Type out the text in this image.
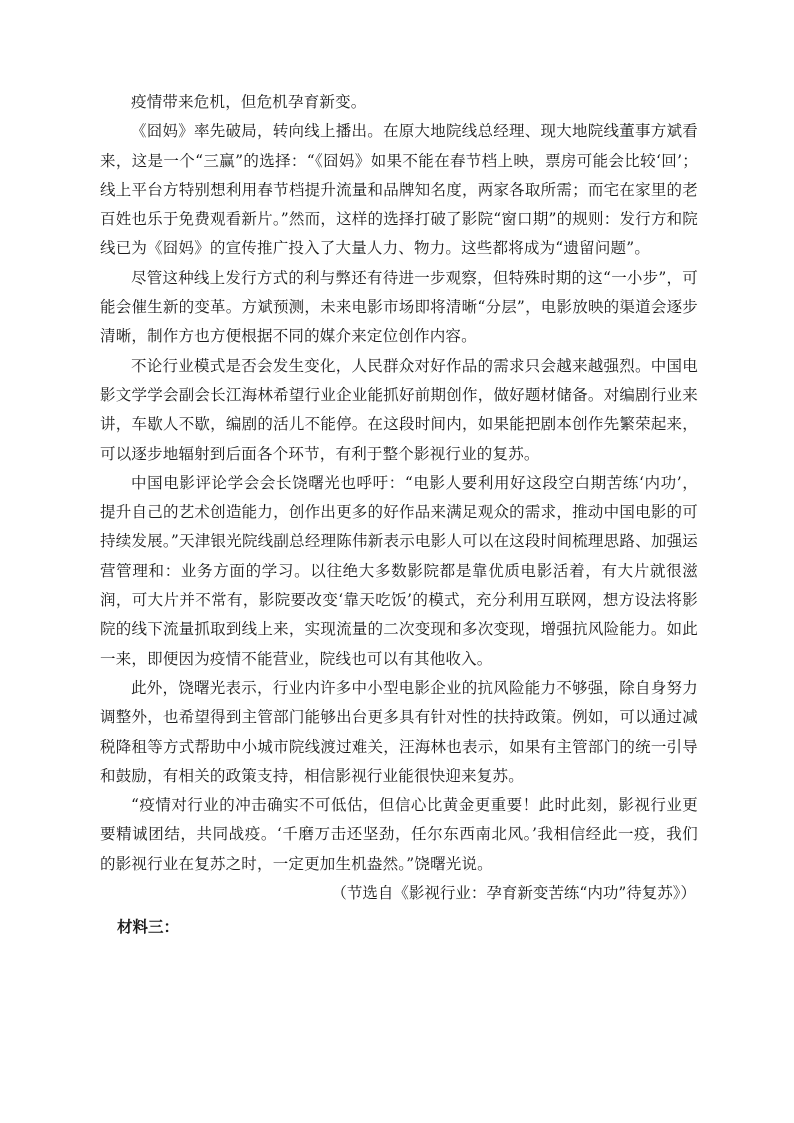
疫情带来危机，但危机孕育新变。

《囧妈》率先破局，转向线上播出。在原大地院线总经理、现大地院线董事方斌看来，这是一个“三赢”的选择：“《囧妈》如果不能在春节档上映，票房可能会比较‘回’；线上平台方特别想利用春节档提升流量和品牌知名度，两家各取所需；而宅在家里的老百姓也乐于免费观看新片。”然而，这样的选择打破了影院“窗口期”的规则：发行方和院线已为《囧妈》的宣传推广投入了大量人力、物力。这些都将成为“遗留问题”。

尽管这种线上发行方式的利与弊还有待进一步观察，但特殊时期的这“一小步”，可能会催生新的变革。方斌预测，未来电影市场即将清晰“分层”，电影放映的渠道会逐步清晰，制作方也方便根据不同的媒介来定位创作内容。

不论行业模式是否会发生变化，人民群众对好作品的需求只会越来越强烈。中国电影文学学会副会长江海林希望行业企业能抓好前期创作，做好题材储备。对编剧行业来讲，车歇人不歇，编剧的活儿不能停。在这段时间内，如果能把剧本创作先繁荣起来，可以逐步地辐射到后面各个环节，有利于整个影视行业的复苏。

中国电影评论学会会长饶曙光也呼吁：“电影人要利用好这段空白期苦练‘内功’，提升自己的艺术创造能力，创作出更多的好作品来满足观众的需求，推动中国电影的可持续发展。”天津银光院线副总经理陈伟新表示电影人可以在这段时间梳理思路、加强运营管理和：业务方面的学习。以往绝大多数影院都是靠优质电影活着，有大片就很滋润，可大片并不常有，影院要改变‘靠天吃饭’的模式，充分利用互联网，想方设法将影院的线下流量抓取到线上来，实现流量的二次变现和多次变现，增强抗风险能力。如此一来，即便因为疫情不能营业，院线也可以有其他收入。

此外，饶曙光表示，行业内许多中小型电影企业的抗风险能力不够强，除自身努力调整外，也希望得到主管部门能够出台更多具有针对性的扶持政策。例如，可以通过减税降租等方式帮助中小城市院线渡过难关，汪海林也表示，如果有主管部门的统一引导和鼓励，有相关的政策支持，相信影视行业能很快迎来复苏。

“疫情对行业的冲击确实不可低估，但信心比黄金更重要！此时此刻，影视行业更要精诚团结，共同战疫。‘千磨万击还坚劲，任尔东西南北风。’我相信经此一疫，我们的影视行业在复苏之时，一定更加生机盎然。”饶曙光说。

（节选自《影视行业：孕育新变苦练“内功”待复苏》）

材料三：
